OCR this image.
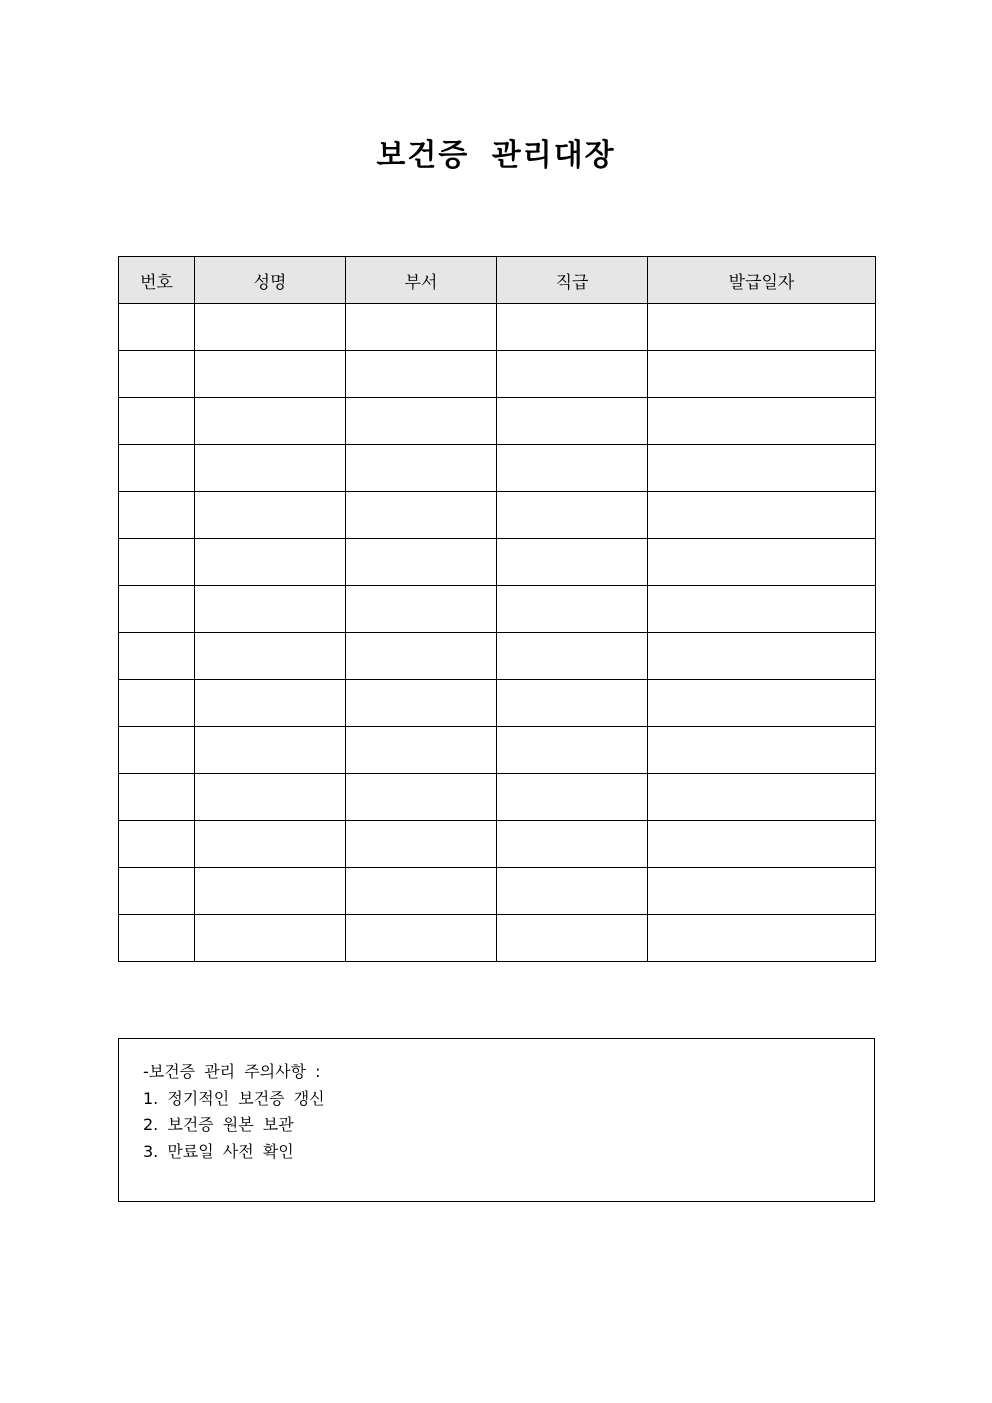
보건증 관리대장
번호	성명	부서	직급	발급일자

-보건증 관리 주의사항 :
1. 정기적인 보건증 갱신
2. 보건증 원본 보관
3. 만료일 사전 확인
